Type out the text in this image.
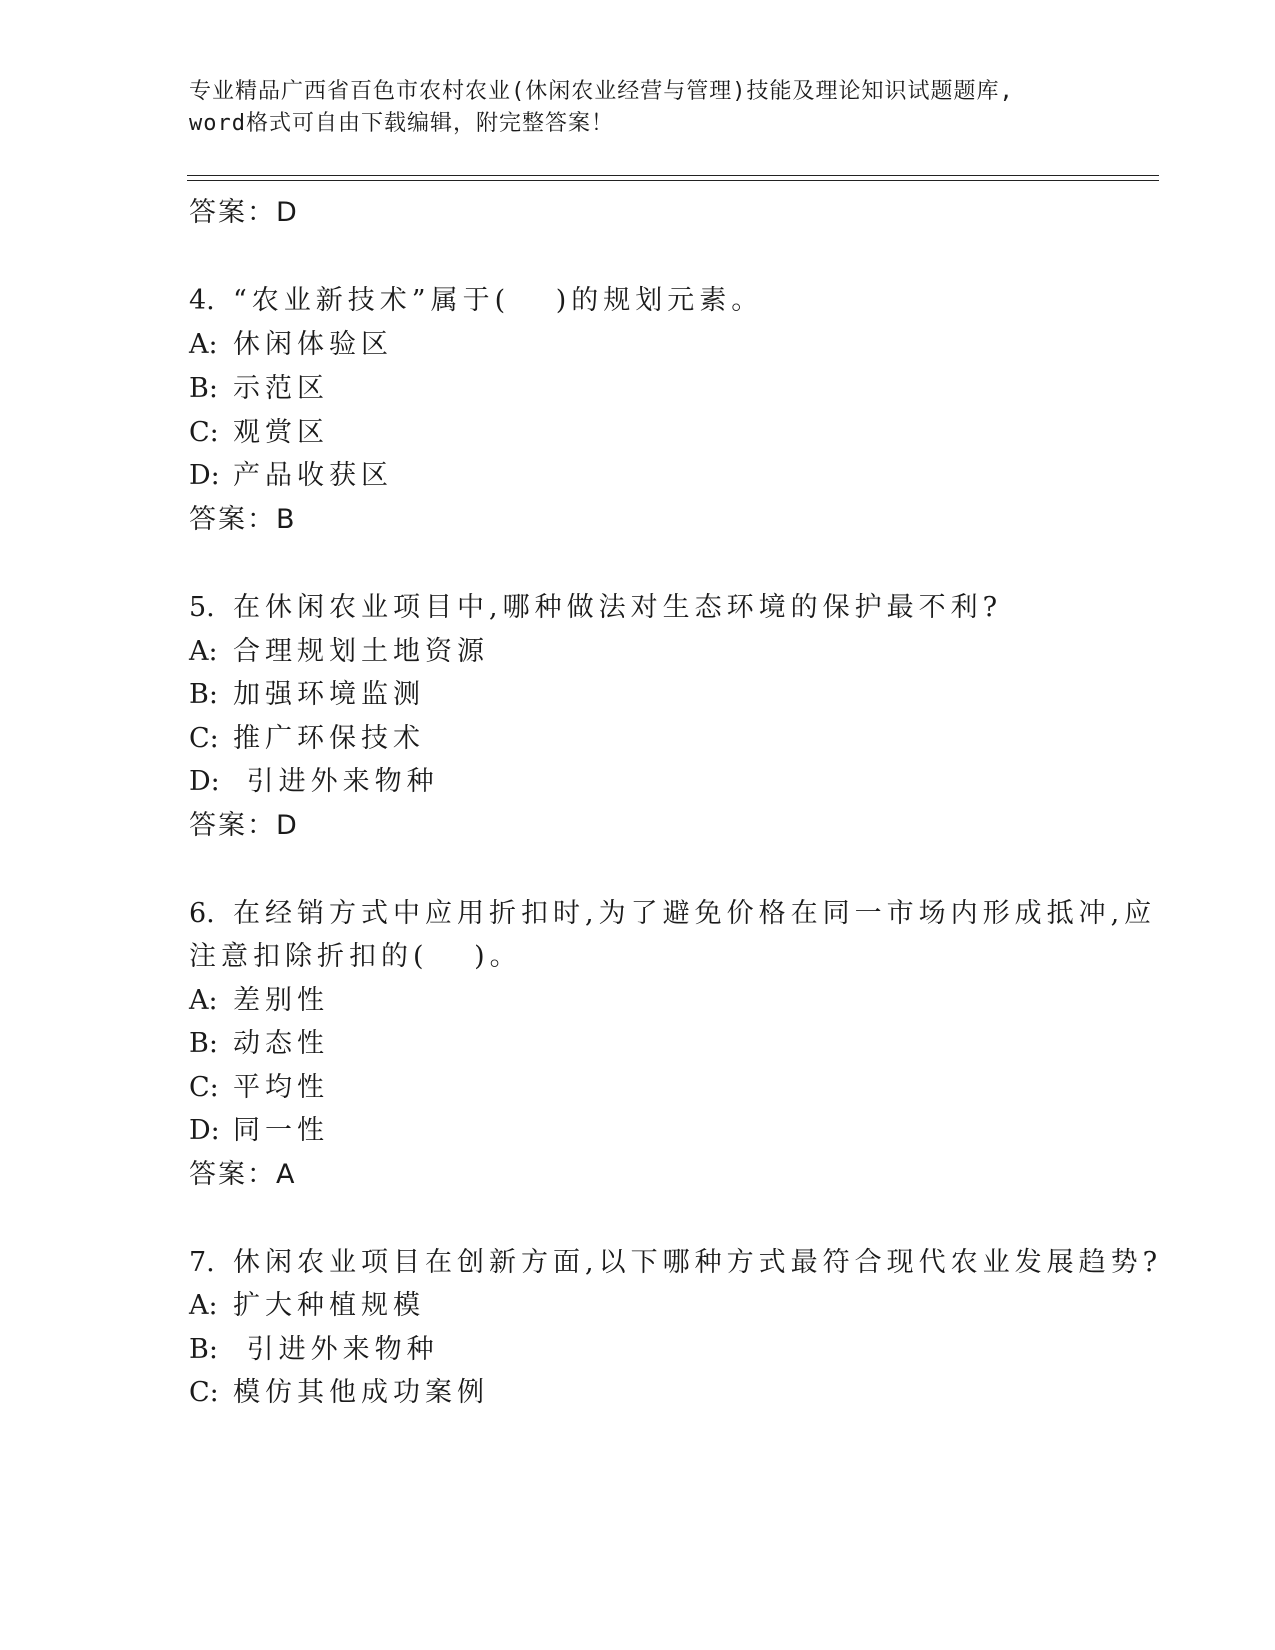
专业精品广西省百色市农村农业(休闲农业经营与管理)技能及理论知识试题题库,
word格式可自由下载编辑，附完整答案！
答案：D
4. “农业新技术”属于(　 )的规划元素。
A: 休闲体验区
B: 示范区
C: 观赏区
D: 产品收获区
答案：B
5. 在休闲农业项目中,哪种做法对生态环境的保护最不利?
A: 合理规划土地资源
B: 加强环境监测
C: 推广环保技术
D: 引进外来物种
答案：D
6. 在经销方式中应用折扣时,为了避免价格在同一市场内形成抵冲,应
注意扣除折扣的(　 )。
A: 差别性
B: 动态性
C: 平均性
D: 同一性
答案：A
7. 休闲农业项目在创新方面,以下哪种方式最符合现代农业发展趋势?
A: 扩大种植规模
B: 引进外来物种
C: 模仿其他成功案例
